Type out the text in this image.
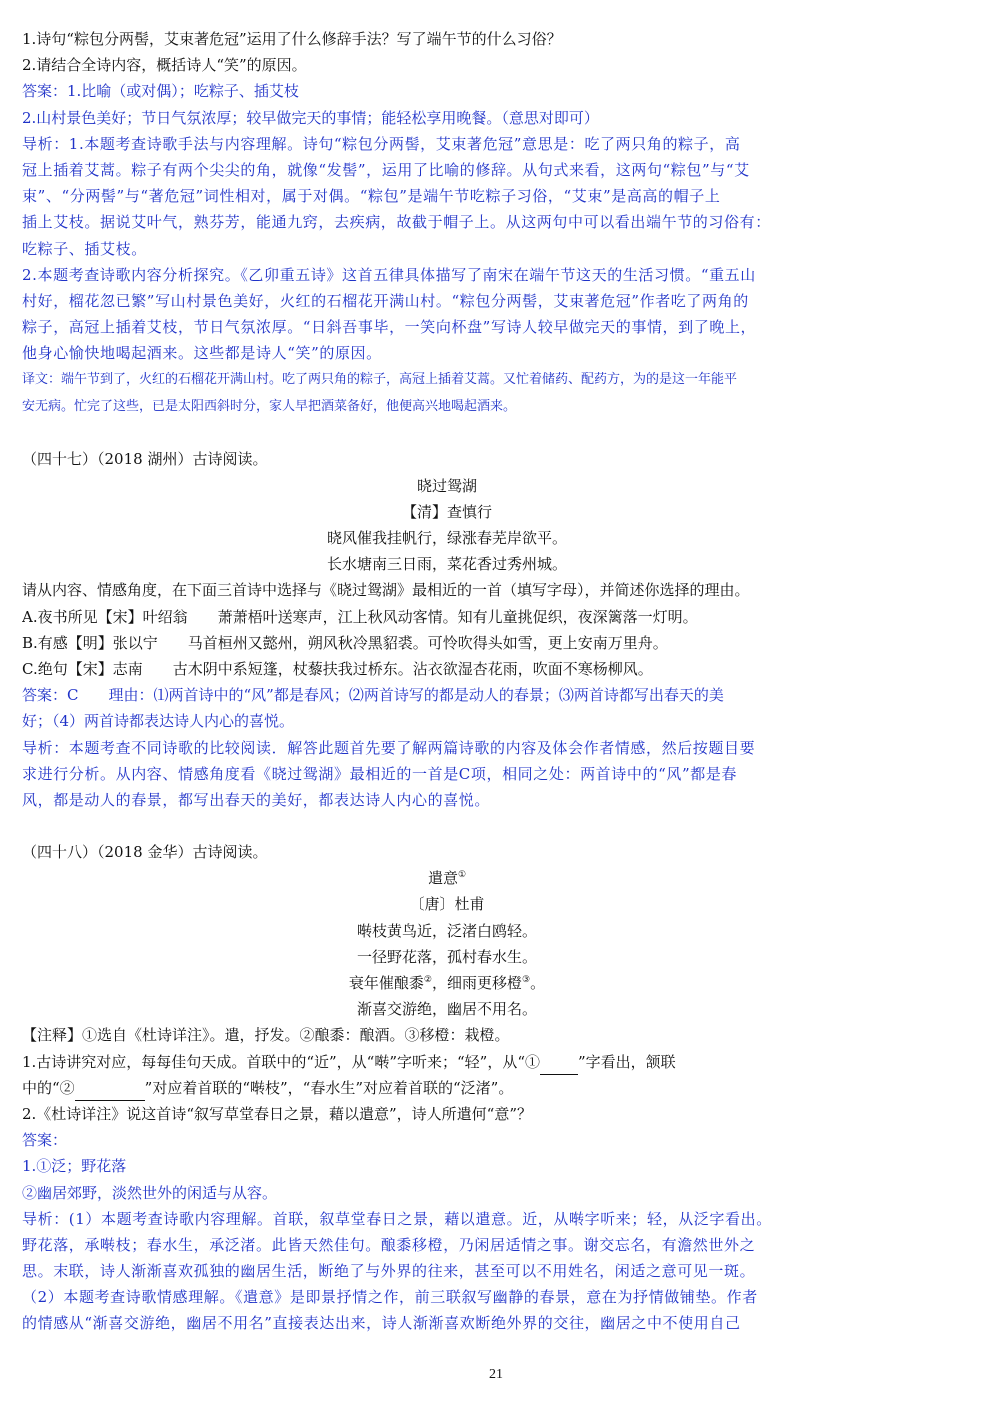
1.诗句“粽包分两髻，艾束著危冠”运用了什么修辞手法？写了端午节的什么习俗？
2.请结合全诗内容，概括诗人“笑”的原因。
答案：1.比喻（或对偶）；吃粽子、插艾枝
2.山村景色美好；节日气氛浓厚；较早做完天的事情；能轻松享用晚餐。（意思对即可）
导析：1.本题考查诗歌手法与内容理解。诗句“粽包分两髻，艾束著危冠”意思是：吃了两只角的粽子，高
冠上插着艾蒿。粽子有两个尖尖的角，就像“发髻”，运用了比喻的修辞。从句式来看，这两句“粽包”与“艾
束”、“分两髻”与“著危冠”词性相对，属于对偶。“粽包”是端午节吃粽子习俗，“艾束”是高高的帽子上
插上艾枝。据说艾叶气，熟芬芳，能通九窍，去疾病，故截于帽子上。从这两句中可以看出端午节的习俗有：
吃粽子、插艾枝。
2.本题考查诗歌内容分析探究。《乙卯重五诗》这首五律具体描写了南宋在端午节这天的生活习惯。“重五山
村好，榴花忽已繁”写山村景色美好，火红的石榴花开满山村。“粽包分两髻，艾束著危冠”作者吃了两角的
粽子，高冠上插着艾枝，节日气氛浓厚。“日斜吾事毕，一笑向杯盘”写诗人较早做完天的事情，到了晚上，
他身心愉快地喝起酒来。这些都是诗人“笑”的原因。
译文：端午节到了，火红的石榴花开满山村。吃了两只角的粽子，高冠上插着艾蒿。又忙着储药、配药方，为的是这一年能平
安无病。忙完了这些，已是太阳西斜时分，家人早把酒菜备好，他便高兴地喝起酒来。
（四十七）（2018 湖州）古诗阅读。
晓过鸳湖
【清】查慎行
晓风催我挂帆行，绿涨春芜岸欲平。
长水塘南三日雨，菜花香过秀州城。
请从内容、情感角度，在下面三首诗中选择与《晓过鸳湖》最相近的一首（填写字母），并简述你选择的理由。
A.夜书所见【宋】叶绍翁　　萧萧梧叶送寒声，江上秋风动客情。知有儿童挑促织，夜深篱落一灯明。
B.有感【明】张以宁　　马首桓州又懿州，朔风秋冷黑貂裘。可怜吹得头如雪，更上安南万里舟。
C.绝句【宋】志南　　古木阴中系短篷，杖藜扶我过桥东。沾衣欲湿杏花雨，吹面不寒杨柳风。
答案：C　　理由：⑴两首诗中的“风”都是春风；⑵两首诗写的都是动人的春景；⑶两首诗都写出春天的美
好；（4）两首诗都表达诗人内心的喜悦。
导析：本题考查不同诗歌的比较阅读．解答此题首先要了解两篇诗歌的内容及体会作者情感，然后按题目要
求进行分析。从内容、情感角度看《晓过鸳湖》最相近的一首是C项，相同之处：两首诗中的“风”都是春
风，都是动人的春景，都写出春天的美好，都表达诗人内心的喜悦。
（四十八）（2018 金华）古诗阅读。
遣意①
〔唐〕杜甫
啭枝黄鸟近，泛渚白鸥轻。
一径野花落，孤村春水生。
衰年催酿黍②，细雨更移橙③。
渐喜交游绝，幽居不用名。
【注释】①选自《杜诗详注》。遣，抒发。②酿黍：酿酒。③移橙：栽橙。
1.古诗讲究对应，每每佳句天成。首联中的“近”，从“啭”字听来；“轻”，从“①	”字看出，颔联
中的“②	”对应着首联的“啭枝”，“春水生”对应着首联的“泛渚”。
2.《杜诗详注》说这首诗“叙写草堂春日之景，藉以遣意”，诗人所遣何“意”？
答案：
1.①泛；野花落
②幽居郊野，淡然世外的闲适与从容。
导析：(1）本题考查诗歌内容理解。首联，叙草堂春日之景，藉以遣意。近，从啭字听来；轻，从泛字看出。
野花落，承啭枝；春水生，承泛渚。此皆天然佳句。酿黍移橙，乃闲居适情之事。谢交忘名，有澹然世外之
思。末联，诗人渐渐喜欢孤独的幽居生活，断绝了与外界的往来，甚至可以不用姓名，闲适之意可见一斑。
（2）本题考查诗歌情感理解。《遣意》是即景抒情之作，前三联叙写幽静的春景，意在为抒情做铺垫。作者
的情感从“渐喜交游绝，幽居不用名”直接表达出来，诗人渐渐喜欢断绝外界的交往，幽居之中不使用自己
21
